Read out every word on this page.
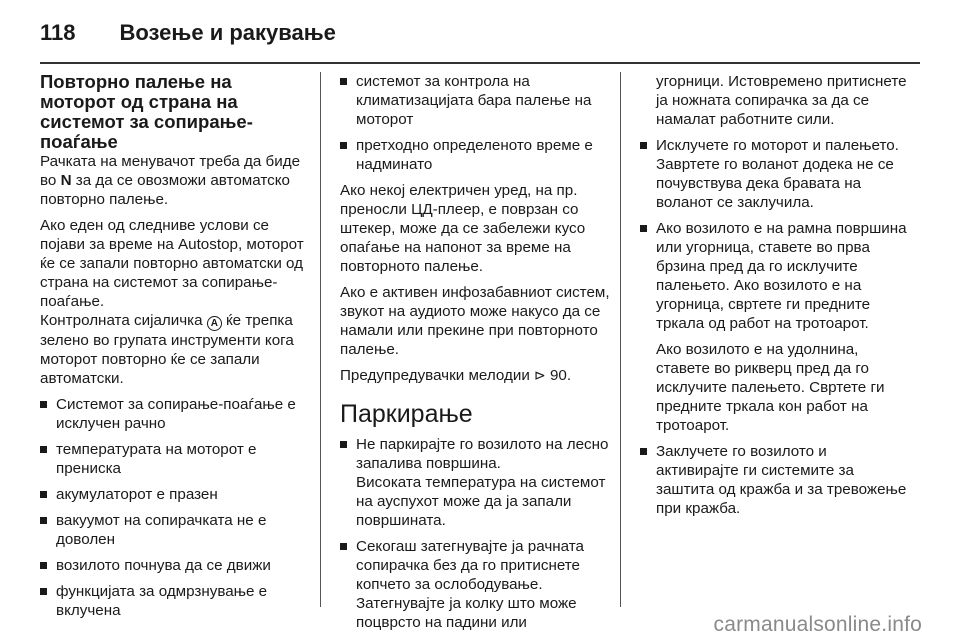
118 Возење и ракување
Повторно палење на моторот од страна на системот за сопирање-поаѓање

Рачката на менувачот треба да биде во N за да се овозможи автоматско повторно палење.

Ако еден од следниве услови се појави за време на Autostop, моторот ќе се запали повторно автоматски од страна на системот за сопирање-поаѓање.

Контролната сијаличка A ќе трепка зелено во групата инструменти кога моторот повторно ќе се запали автоматски.

Системот за сопирање-поаѓање е исклучен рачно
температурата на моторот е прениска
акумулаторот е празен
вакуумот на сопирачката не е доволен
возилото почнува да се движи
функцијата за одмрзнување е вклучена
системот за контрола на климатизацијата бара палење на моторот
претходно определеното време е надминато

Ако некој електричен уред, на пр. преносли ЦД-плеер, е поврзан со штекер, може да се забележи кусо опаѓање на напонот за време на повторното палење.

Ако е активен инфозабавниот систем, звукот на аудиото може накусо да се намали или прекине при повторното палење.

Предупредувачки мелодии ⊳ 90.

Паркирање
Не паркирајте го возилото на лесно запалива површина.
Високата температура на системот на ауспухот може да ја запали површината.
Секогаш затегнувајте ја рачната сопирачка без да го притиснете копчето за ослободување. Затегнувајте ја колку што може поцврсто на падини или

угорници. Истовремено притиснете ја ножната сопирачка за да се намалат работните сили.

Исклучете го моторот и палењето. Завртете го воланот додека не се почувствува дека бравата на воланот се заклучила.
Ако возилото е на рамна површина или угорница, ставете во прва брзина пред да го исклучите палењето. Ако возилото е на угорница, свртете ги предните тркала од работ на тротоарот.
Ако возилото е на удолнина, ставете во рикверц пред да го исклучите палењето. Свртете ги предните тркала кон работ на тротоарот.
Заклучете го возилото и активирајте ги системите за заштита од кражба и за тревожење при кражба.
carmanualsonline.info
